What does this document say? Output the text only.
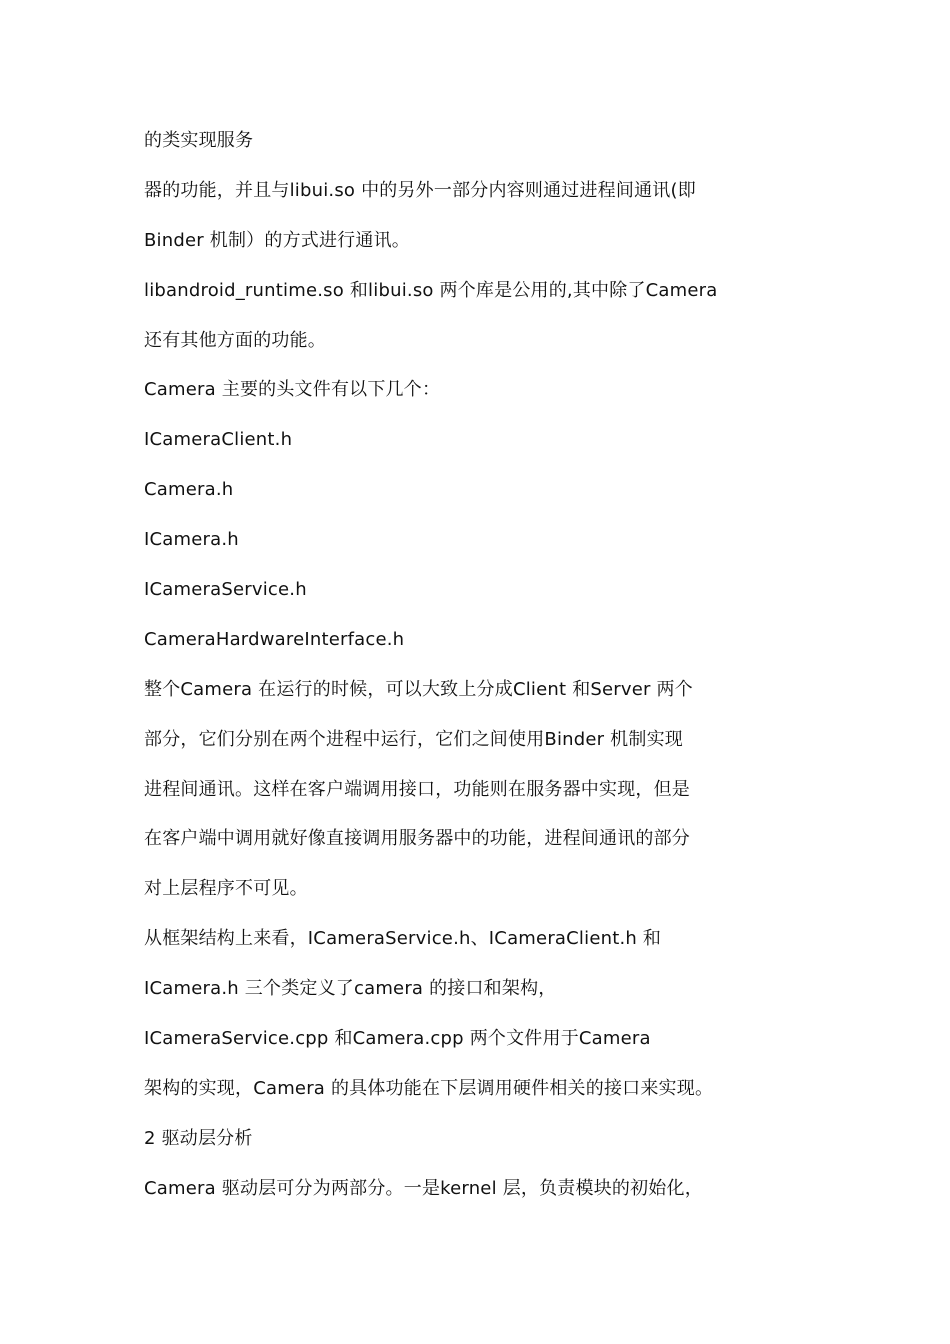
的类实现服务
器的功能，并且与libui.so 中的另外一部分内容则通过进程间通讯(即
Binder 机制）的方式进行通讯。
libandroid_runtime.so 和libui.so 两个库是公用的,其中除了Camera
还有其他方面的功能。
Camera 主要的头文件有以下几个：
ICameraClient.h
Camera.h
ICamera.h
ICameraService.h
CameraHardwareInterface.h
整个Camera 在运行的时候，可以大致上分成Client 和Server 两个
部分，它们分别在两个进程中运行，它们之间使用Binder 机制实现
进程间通讯。这样在客户端调用接口，功能则在服务器中实现，但是
在客户端中调用就好像直接调用服务器中的功能，进程间通讯的部分
对上层程序不可见。
从框架结构上来看，ICameraService.h、ICameraClient.h 和
ICamera.h 三个类定义了camera 的接口和架构，
ICameraService.cpp 和Camera.cpp 两个文件用于Camera
架构的实现，Camera 的具体功能在下层调用硬件相关的接口来实现。
2 驱动层分析
Camera 驱动层可分为两部分。一是kernel 层，负责模块的初始化，
